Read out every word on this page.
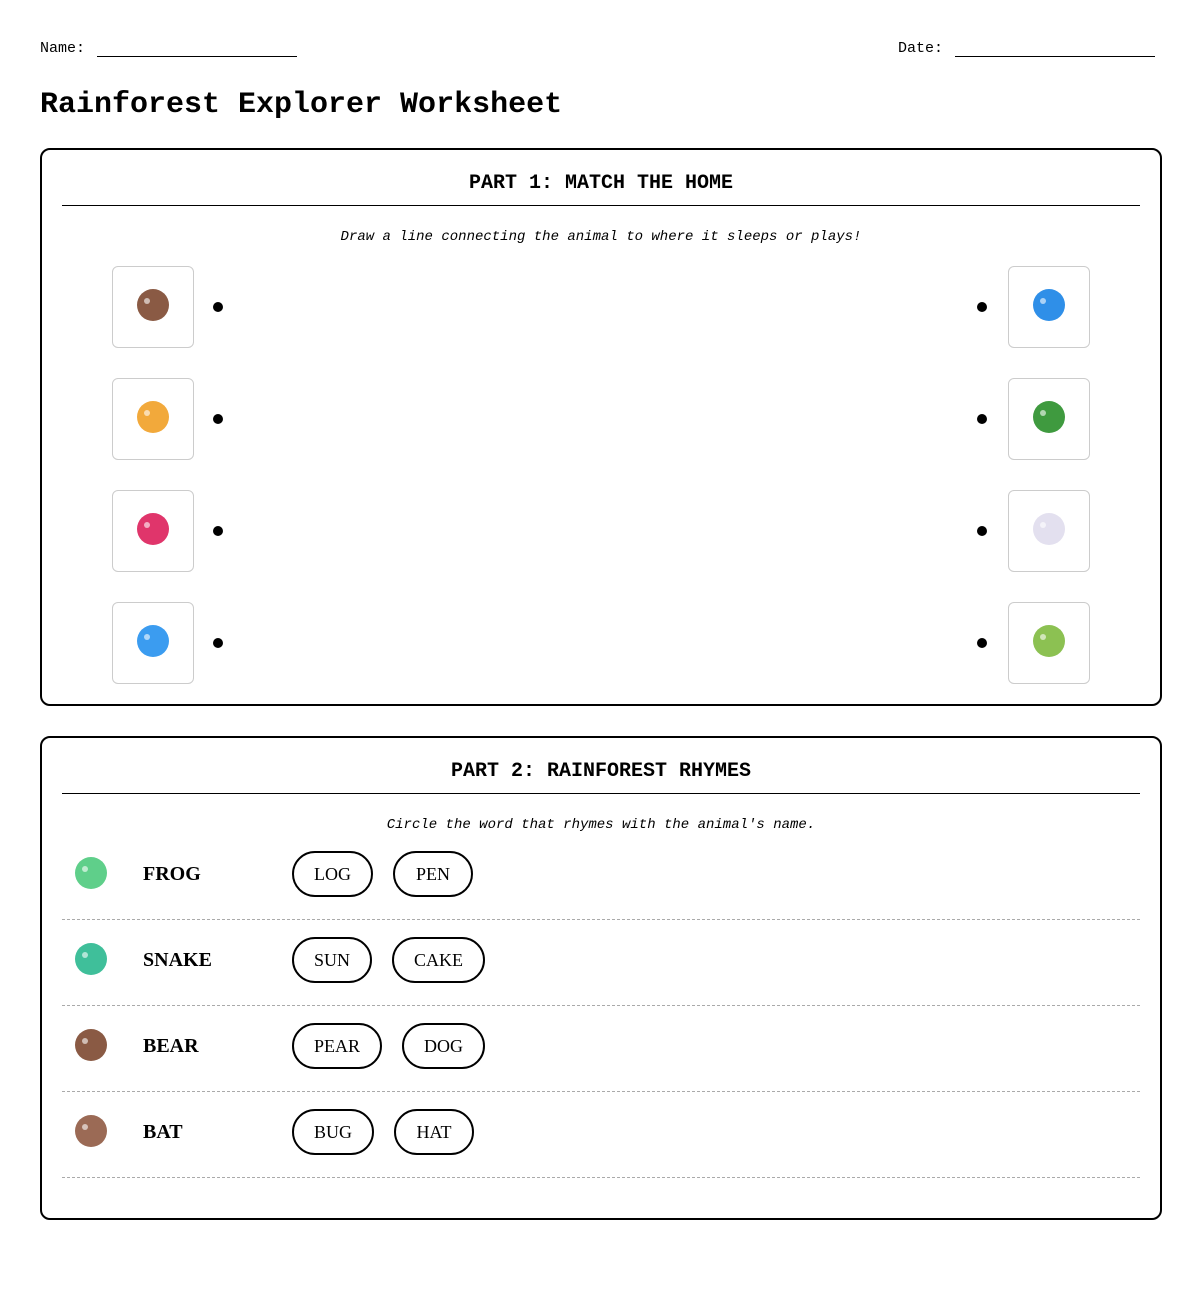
Name:	Date:
Rainforest Explorer Worksheet
PART 1: MATCH THE HOME
Draw a line connecting the animal to where it sleeps or plays!
PART 2: RAINFOREST RHYMES
Circle the word that rhymes with the animal's name.
FROG	LOG	PEN
SNAKE	SUN	CAKE
BEAR	PEAR	DOG
BAT	BUG	HAT
